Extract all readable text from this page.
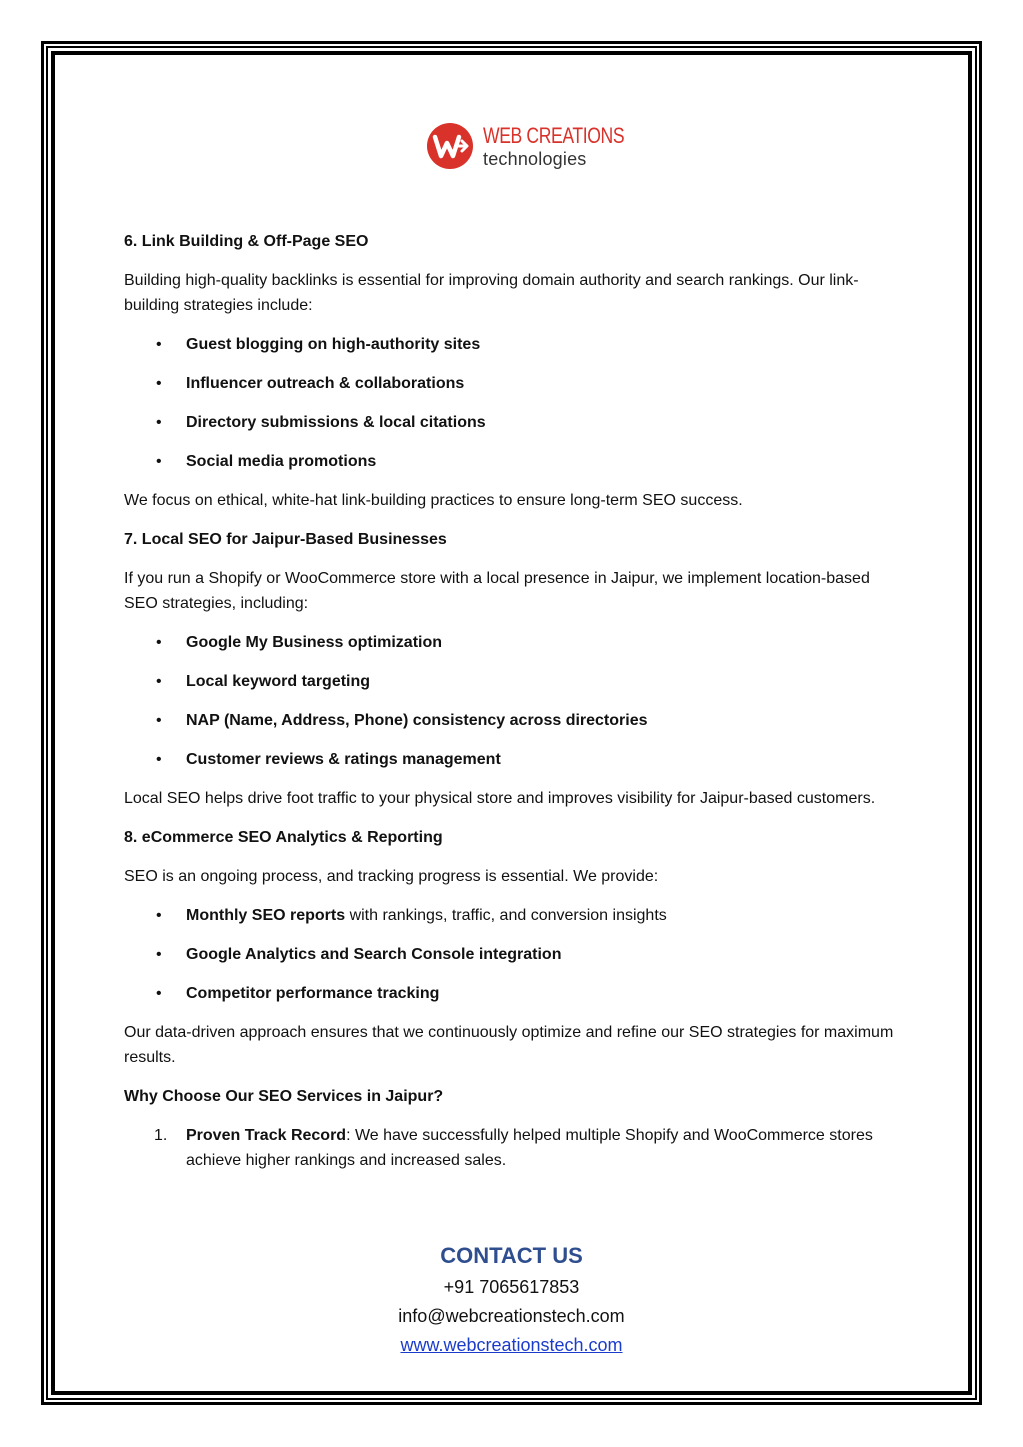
WEB CREATIONS
technologies
6. Link Building & Off-Page SEO

Building high-quality backlinks is essential for improving domain authority and search rankings. Our link-building strategies include:

• Guest blogging on high-authority sites
• Influencer outreach & collaborations
• Directory submissions & local citations
• Social media promotions

We focus on ethical, white-hat link-building practices to ensure long-term SEO success.

7. Local SEO for Jaipur-Based Businesses

If you run a Shopify or WooCommerce store with a local presence in Jaipur, we implement location-based SEO strategies, including:

• Google My Business optimization
• Local keyword targeting
• NAP (Name, Address, Phone) consistency across directories
• Customer reviews & ratings management

Local SEO helps drive foot traffic to your physical store and improves visibility for Jaipur-based customers.

8. eCommerce SEO Analytics & Reporting

SEO is an ongoing process, and tracking progress is essential. We provide:

• Monthly SEO reports with rankings, traffic, and conversion insights
• Google Analytics and Search Console integration
• Competitor performance tracking

Our data-driven approach ensures that we continuously optimize and refine our SEO strategies for maximum results.

Why Choose Our SEO Services in Jaipur?
1. Proven Track Record: We have successfully helped multiple Shopify and WooCommerce stores achieve higher rankings and increased sales.
CONTACT US
+91 7065617853
info@webcreationstech.com
www.webcreationstech.com
